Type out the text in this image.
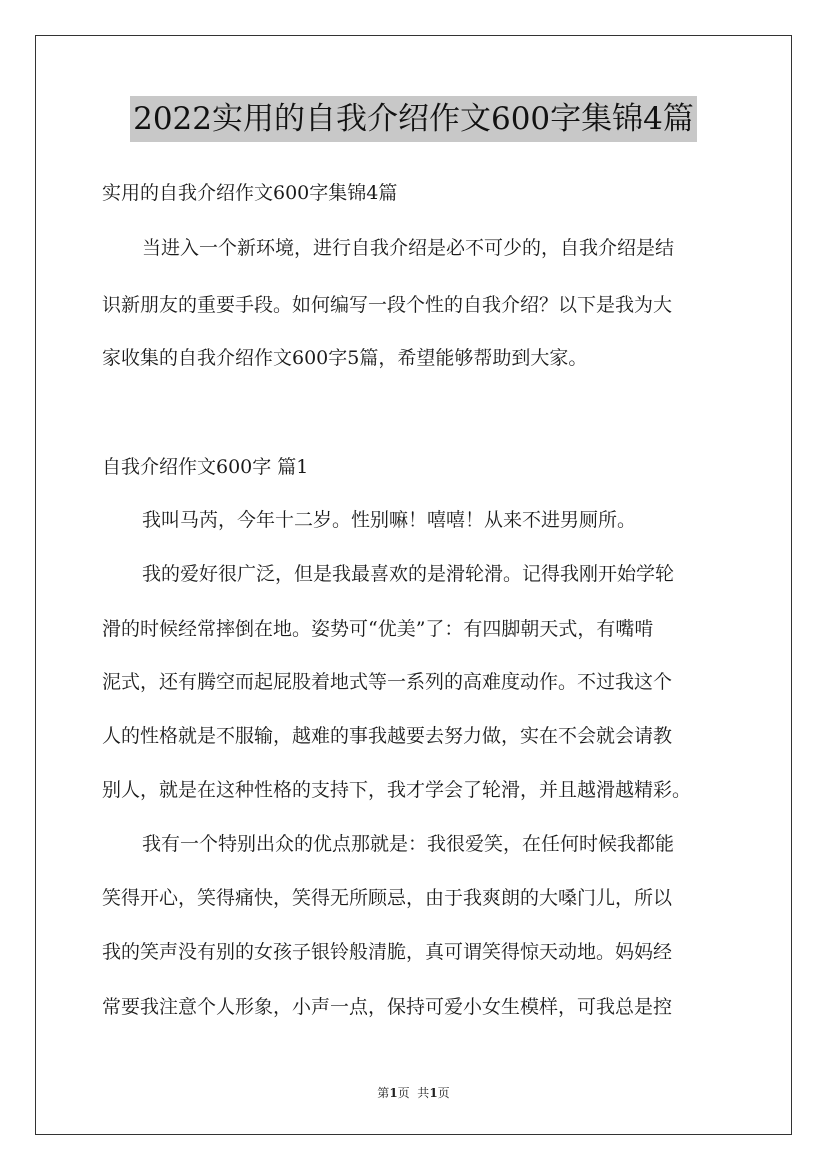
2022实用的自我介绍作文600字集锦4篇
实用的自我介绍作文600字集锦4篇
当进入一个新环境，进行自我介绍是必不可少的，自我介绍是结
识新朋友的重要手段。如何编写一段个性的自我介绍？以下是我为大
家收集的自我介绍作文600字5篇，希望能够帮助到大家。
自我介绍作文600字 篇1
我叫马芮，今年十二岁。性别嘛！嘻嘻！从来不进男厕所。
我的爱好很广泛，但是我最喜欢的是滑轮滑。记得我刚开始学轮
滑的时候经常摔倒在地。姿势可“优美”了：有四脚朝天式，有嘴啃
泥式，还有腾空而起屁股着地式等一系列的高难度动作。不过我这个
人的性格就是不服输，越难的事我越要去努力做，实在不会就会请教
别人，就是在这种性格的支持下，我才学会了轮滑，并且越滑越精彩。
我有一个特别出众的优点那就是：我很爱笑，在任何时候我都能
笑得开心，笑得痛快，笑得无所顾忌，由于我爽朗的大嗓门儿，所以
我的笑声没有别的女孩子银铃般清脆，真可谓笑得惊天动地。妈妈经
常要我注意个人形象，小声一点，保持可爱小女生模样，可我总是控
第1页  共1页
